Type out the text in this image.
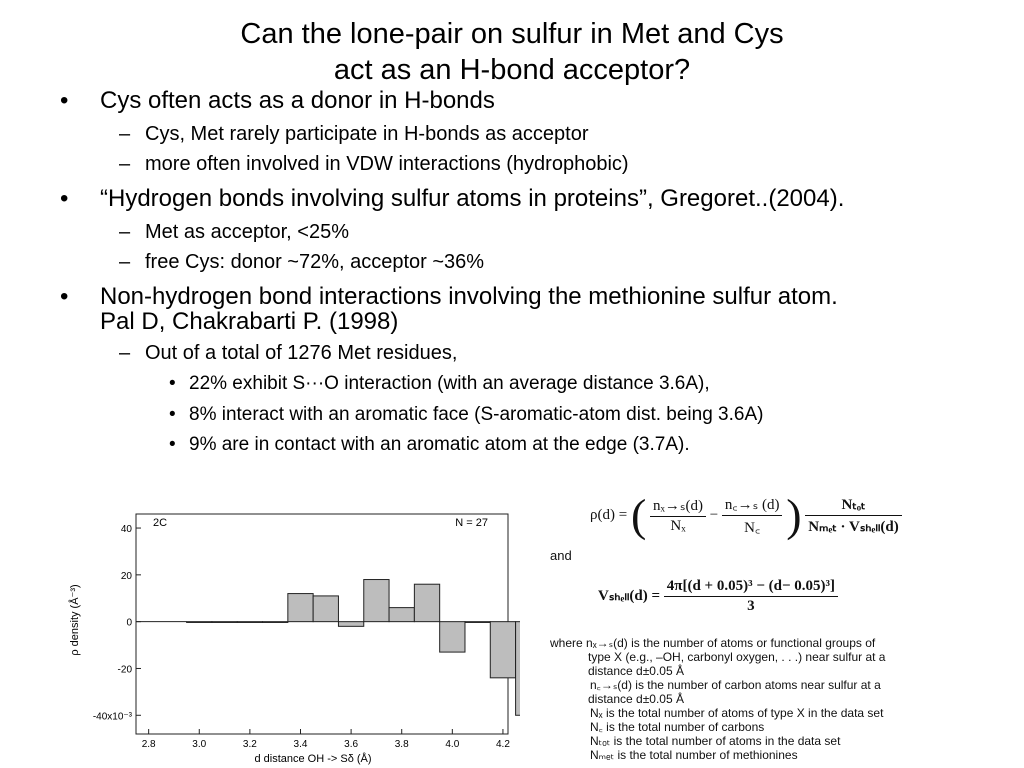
Can the lone-pair on sulfur in Met and Cys
act as an H-bond acceptor?
• Cys often acts as a donor in H-bonds
– Cys, Met rarely participate in H-bonds as acceptor
– more often involved in VDW interactions (hydrophobic)
• “Hydrogen bonds involving sulfur atoms in proteins”, Gregoret..(2004).
– Met as acceptor, <25%
– free Cys: donor ~72%, acceptor ~36%
• Non-hydrogen bond interactions involving the methionine sulfur atom.
Pal D, Chakrabarti P. (1998)
– Out of a total of 1276 Met residues,
• 22% exhibit S···O interaction (with an average distance 3.6A),
• 8% interact with an aromatic face (S-aromatic-atom dist. being 3.6A)
• 9% are in contact with an aromatic atom at the edge (3.7A).
2.8	3.0	3.2	3.4	3.6	3.8	4.0	4.2
40
20
0
-20
-40x10⁻³
2C	N = 27
d distance OH -> Sδ (Å)
ρ density (Å⁻³)
ρ(d) = ( $\frac{\text{nₓ→ₛ(d)}}{\text{Nₓ}} - \frac{\text{n꜀→ₛ (d)}}{N꜀}$ ) $\frac{\text{Nₜₒₜ}}{\text{Nₘₑₜ · Vₛₕₑₗₗ(d)}}$
and
$V_{shell}(d) = \frac{\text{4π[(d + 0.05)³ − (d− 0.05)³]}}{3}$
where nₓ→ₛ(d) is the number of atoms or functional groups of
type X (e.g., –OH, carbonyl oxygen, . . .) near sulfur at a
distance d±0.05 Å
n꜀→ₛ(d) is the number of carbon atoms near sulfur at a
distance d±0.05 Å
Nₓ is the total number of atoms of type X in the data set
N꜀ is the total number of carbons
Nₜₒₜ is the total number of atoms in the data set
Nₘₑₜ is the total number of methionines
